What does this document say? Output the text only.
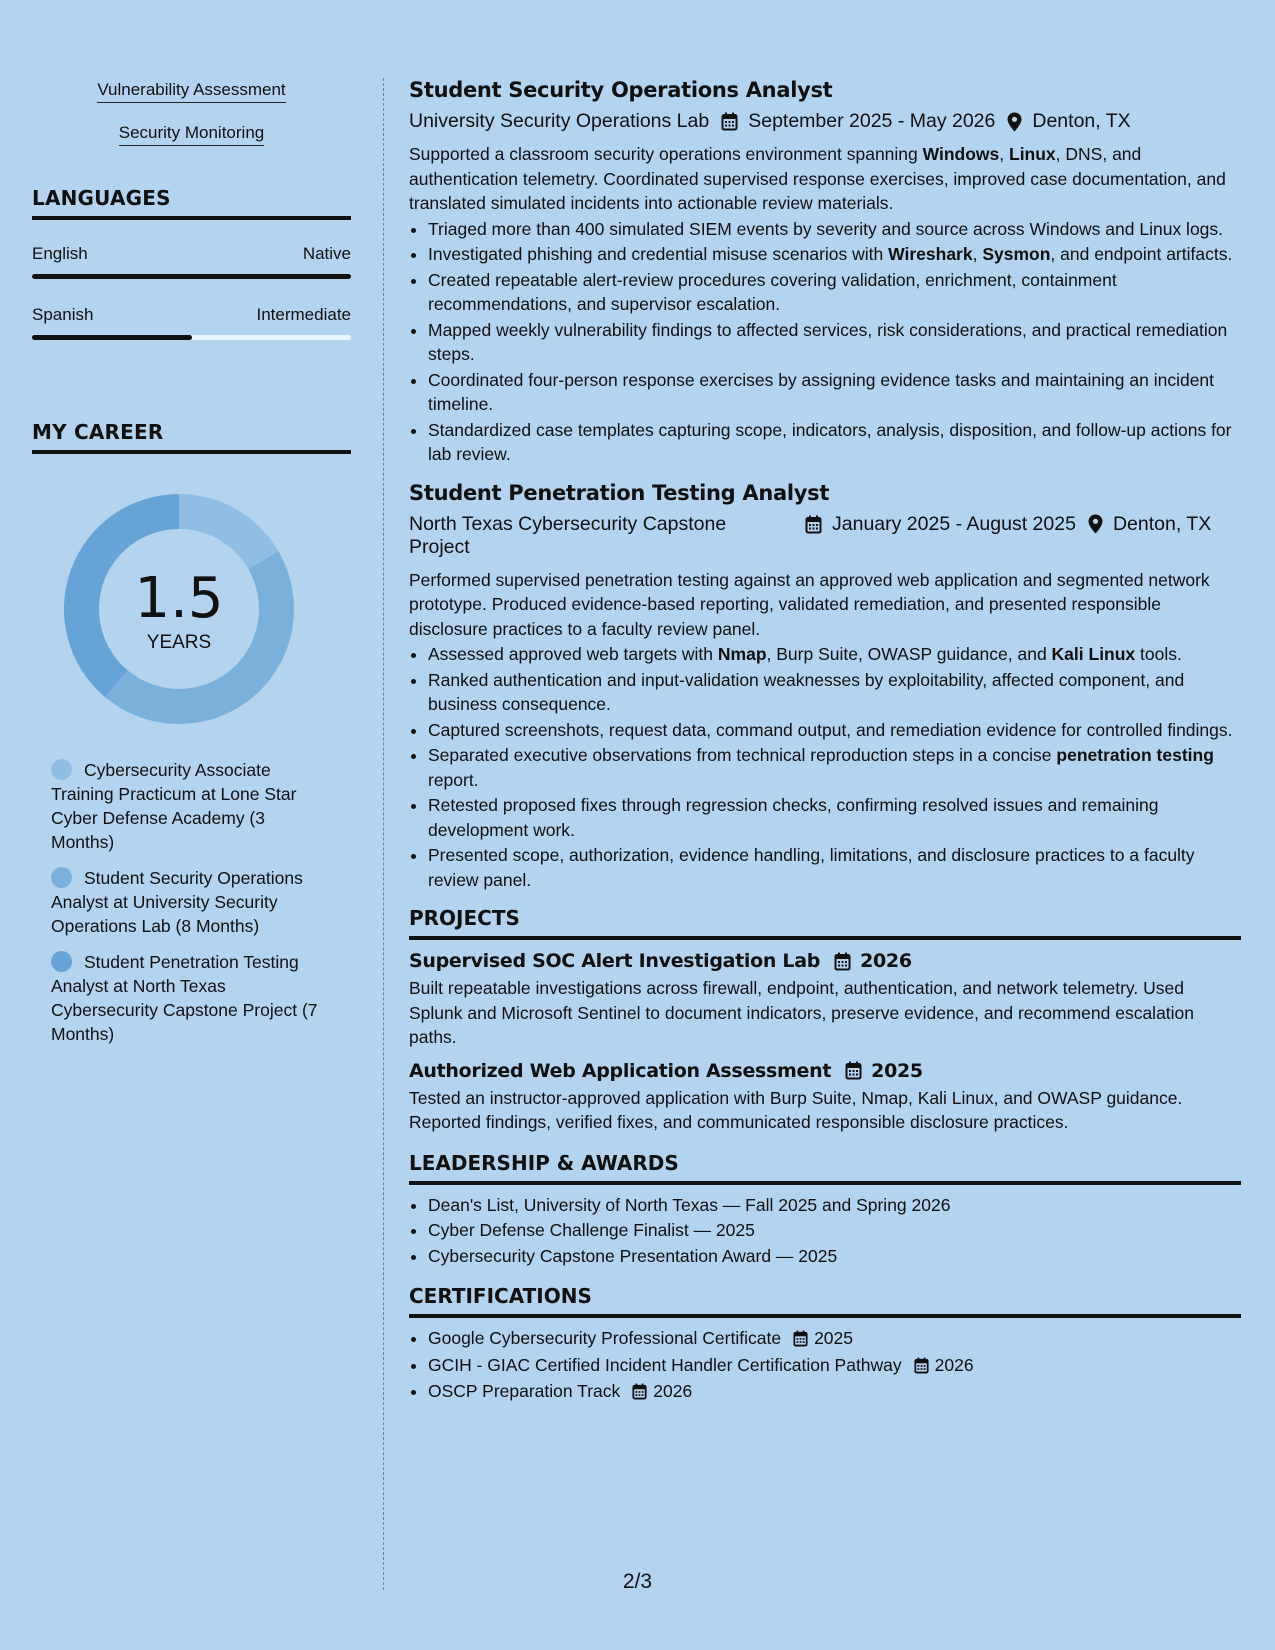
Vulnerability Assessment
Security Monitoring
LANGUAGES
English	Native
Spanish	Intermediate
MY CAREER
1.5
YEARS
Cybersecurity Associate Training Practicum at Lone Star Cyber Defense Academy (3 Months)
Student Security Operations Analyst at University Security Operations Lab (8 Months)
Student Penetration Testing Analyst at North Texas Cybersecurity Capstone Project (7 Months)
Student Security Operations Analyst
University Security Operations Lab September 2025 - May 2026 Denton, TX

Supported a classroom security operations environment spanning Windows, Linux, DNS, and authentication telemetry. Coordinated supervised response exercises, improved case documentation, and translated simulated incidents into actionable review materials.

• Triaged more than 400 simulated SIEM events by severity and source across Windows and Linux logs.
• Investigated phishing and credential misuse scenarios with Wireshark, Sysmon, and endpoint artifacts.
• Created repeatable alert-review procedures covering validation, enrichment, containment recommendations, and supervisor escalation.
• Mapped weekly vulnerability findings to affected services, risk considerations, and practical remediation steps.
• Coordinated four-person response exercises by assigning evidence tasks and maintaining an incident timeline.
• Standardized case templates capturing scope, indicators, analysis, disposition, and follow-up actions for lab review.
Student Penetration Testing Analyst
North Texas Cybersecurity Capstone Project
January 2025 - August 2025 Denton, TX

Performed supervised penetration testing against an approved web application and segmented network prototype. Produced evidence-based reporting, validated remediation, and presented responsible disclosure practices to a faculty review panel.

• Assessed approved web targets with Nmap, Burp Suite, OWASP guidance, and Kali Linux tools.
• Ranked authentication and input-validation weaknesses by exploitability, affected component, and business consequence.
• Captured screenshots, request data, command output, and remediation evidence for controlled findings.
• Separated executive observations from technical reproduction steps in a concise penetration testing report.
• Retested proposed fixes through regression checks, confirming resolved issues and remaining development work.
• Presented scope, authorization, evidence handling, limitations, and disclosure practices to a faculty review panel.
PROJECTS
Supervised SOC Alert Investigation Lab 2026

Built repeatable investigations across firewall, endpoint, authentication, and network telemetry. Used Splunk and Microsoft Sentinel to document indicators, preserve evidence, and recommend escalation paths.

Authorized Web Application Assessment 2025

Tested an instructor-approved application with Burp Suite, Nmap, Kali Linux, and OWASP guidance. Reported findings, verified fixes, and communicated responsible disclosure practices.

LEADERSHIP & AWARDS
• Dean's List, University of North Texas — Fall 2025 and Spring 2026
• Cyber Defense Challenge Finalist — 2025
• Cybersecurity Capstone Presentation Award — 2025
CERTIFICATIONS
• Google Cybersecurity Professional Certificate 2025
• GCIH - GIAC Certified Incident Handler Certification Pathway 2026
• OSCP Preparation Track 2026
2/3
